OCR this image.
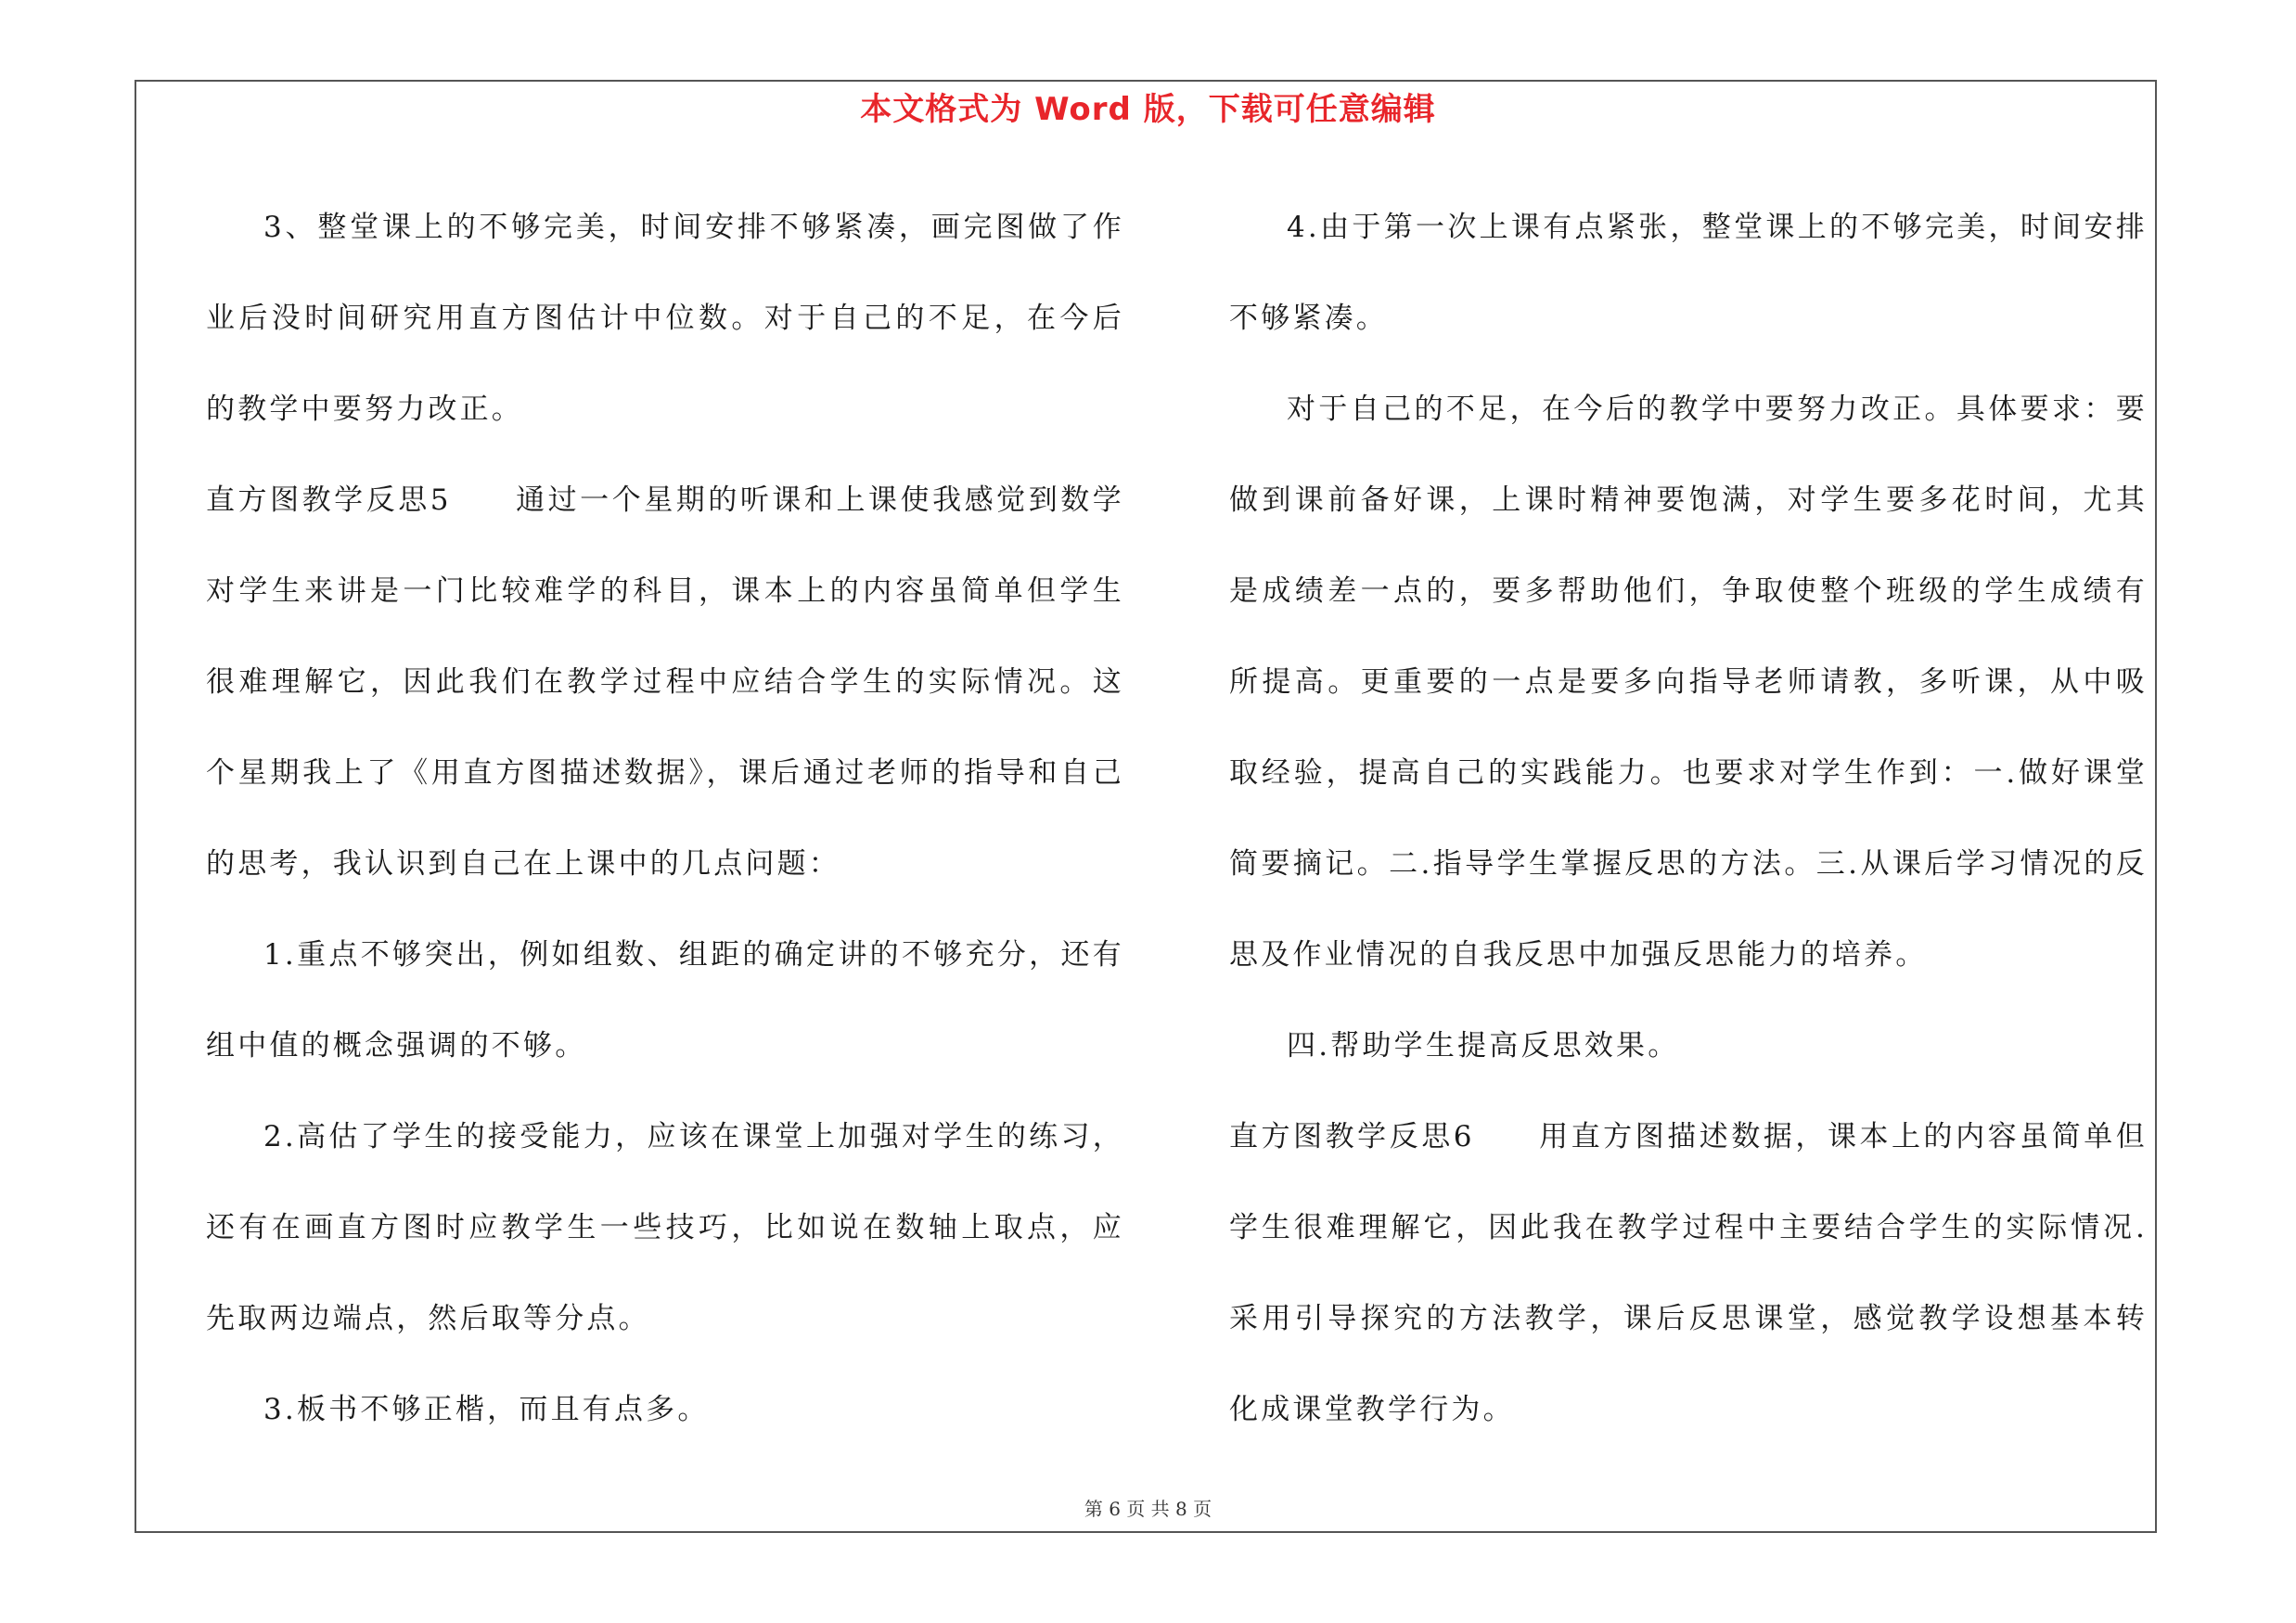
本文格式为 Word 版，下载可任意编辑

3、整堂课上的不够完美，时间安排不够紧凑，画完图做了作业后没时间研究用直方图估计中位数。对于自己的不足，在今后的教学中要努力改正。

直方图教学反思5　　通过一个星期的听课和上课使我感觉到数学对学生来讲是一门比较难学的科目，课本上的内容虽简单但学生很难理解它，因此我们在教学过程中应结合学生的实际情况。这个星期我上了《用直方图描述数据》，课后通过老师的指导和自己的思考，我认识到自己在上课中的几点问题：

1.重点不够突出，例如组数、组距的确定讲的不够充分，还有组中值的概念强调的不够。

2.高估了学生的接受能力，应该在课堂上加强对学生的练习，还有在画直方图时应教学生一些技巧，比如说在数轴上取点，应先取两边端点，然后取等分点。

3.板书不够正楷，而且有点多。

4.由于第一次上课有点紧张，整堂课上的不够完美，时间安排不够紧凑。

对于自己的不足，在今后的教学中要努力改正。具体要求：要做到课前备好课，上课时精神要饱满，对学生要多花时间，尤其是成绩差一点的，要多帮助他们，争取使整个班级的学生成绩有所提高。更重要的一点是要多向指导老师请教，多听课，从中吸取经验，提高自己的实践能力。也要求对学生作到：一.做好课堂简要摘记。二.指导学生掌握反思的方法。三.从课后学习情况的反思及作业情况的自我反思中加强反思能力的培养。

四.帮助学生提高反思效果。

直方图教学反思6　　用直方图描述数据，课本上的内容虽简单但学生很难理解它，因此我在教学过程中主要结合学生的实际情况.采用引导探究的方法教学，课后反思课堂，感觉教学设想基本转化成课堂教学行为。

第 6 页 共 8 页
